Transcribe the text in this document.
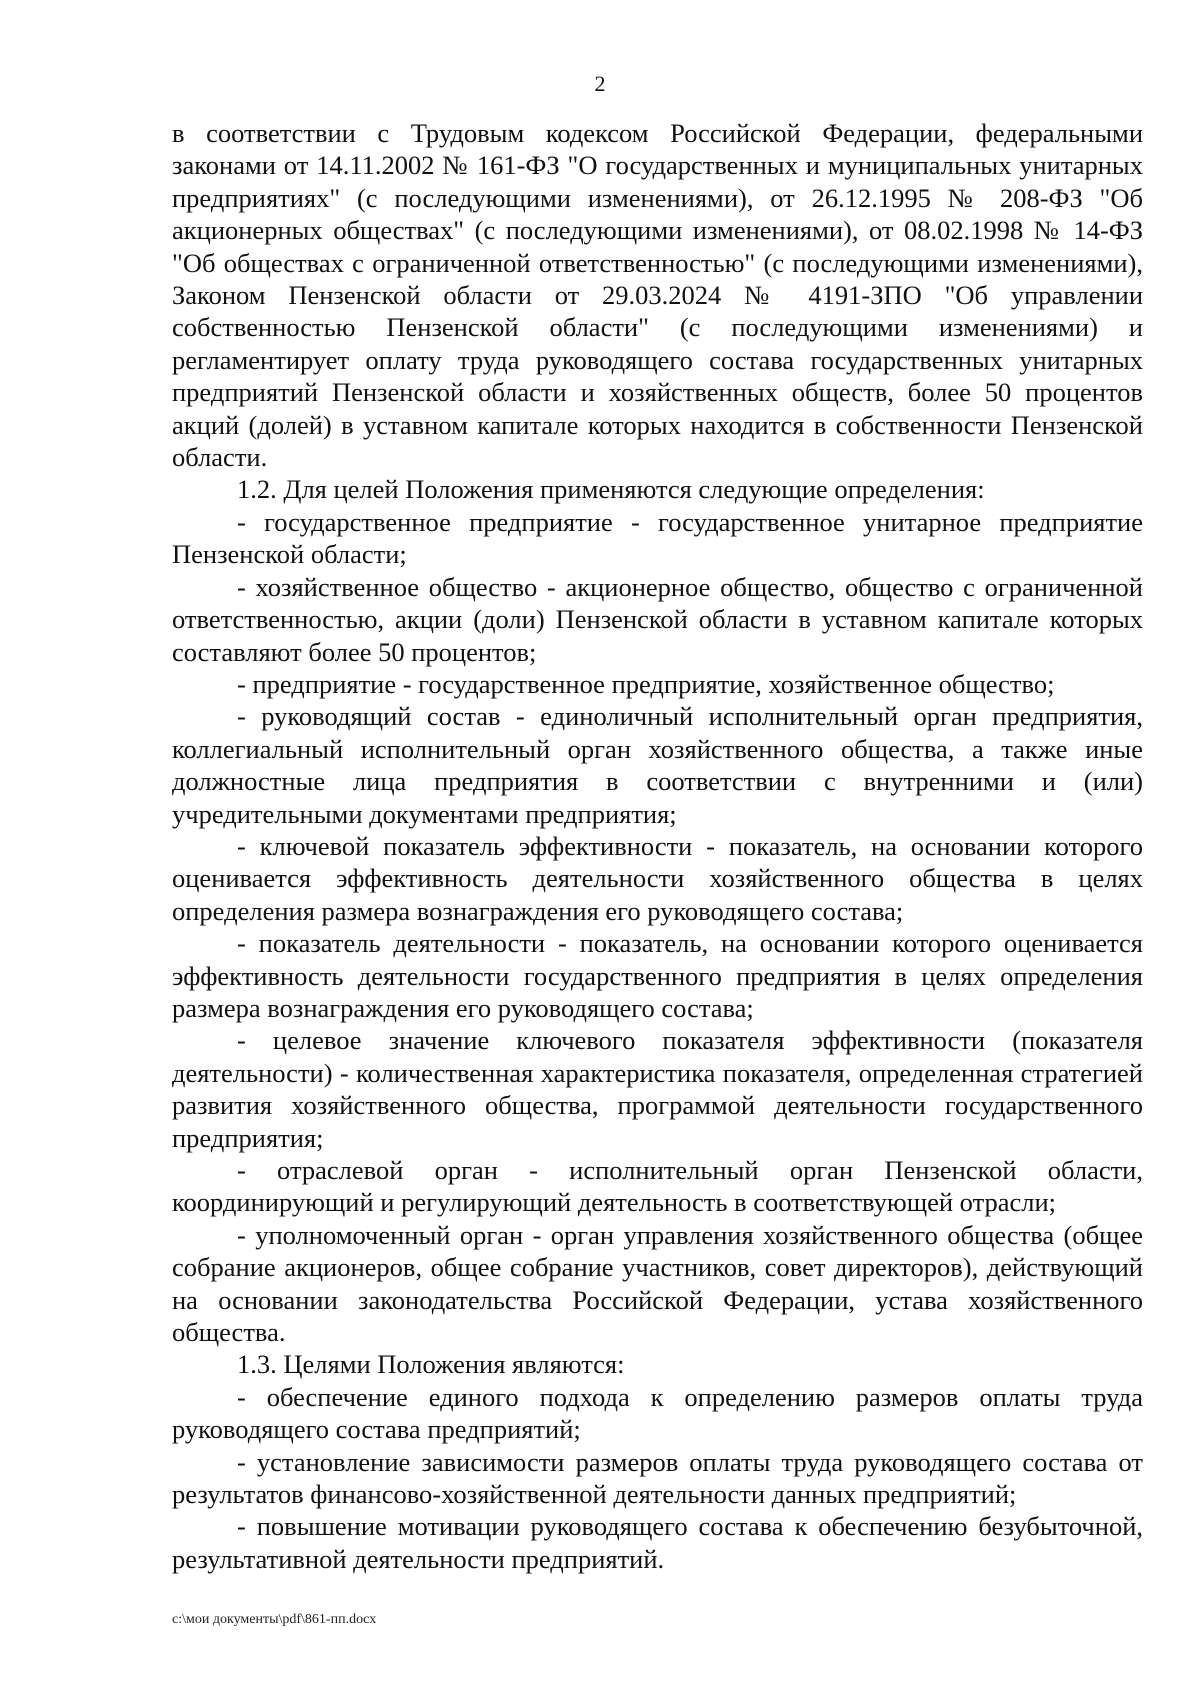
2

в соответствии с Трудовым кодексом Российской Федерации, федеральными законами от 14.11.2002 № 161-ФЗ "О государственных и муниципальных унитарных предприятиях" (с последующими изменениями), от 26.12.1995 № 208-ФЗ "Об акционерных обществах" (с последующими изменениями), от 08.02.1998 № 14-ФЗ "Об обществах с ограниченной ответственностью" (с последующими изменениями), Законом Пензенской области от 29.03.2024 № 4191-ЗПО "Об управлении собственностью Пензенской области" (с последующими изменениями) и регламентирует оплату труда руководящего состава государственных унитарных предприятий Пензенской области и хозяйственных обществ, более 50 процентов акций (долей) в уставном капитале которых находится в собственности Пензенской области.

1.2. Для целей Положения применяются следующие определения:

- государственное предприятие - государственное унитарное предприятие Пензенской области;

- хозяйственное общество - акционерное общество, общество с ограниченной ответственностью, акции (доли) Пензенской области в уставном капитале которых составляют более 50 процентов;

- предприятие - государственное предприятие, хозяйственное общество;

- руководящий состав - единоличный исполнительный орган предприятия, коллегиальный исполнительный орган хозяйственного общества, а также иные должностные лица предприятия в соответствии с внутренними и (или) учредительными документами предприятия;

- ключевой показатель эффективности - показатель, на основании которого оценивается эффективность деятельности хозяйственного общества в целях определения размера вознаграждения его руководящего состава;

- показатель деятельности - показатель, на основании которого оценивается эффективность деятельности государственного предприятия в целях определения размера вознаграждения его руководящего состава;

- целевое значение ключевого показателя эффективности (показателя деятельности) - количественная характеристика показателя, определенная стратегией развития хозяйственного общества, программой деятельности государственного предприятия;

- отраслевой орган - исполнительный орган Пензенской области, координирующий и регулирующий деятельность в соответствующей отрасли;

- уполномоченный орган - орган управления хозяйственного общества (общее собрание акционеров, общее собрание участников, совет директоров), действующий на основании законодательства Российской Федерации, устава хозяйственного общества.

1.3. Целями Положения являются:

- обеспечение единого подхода к определению размеров оплаты труда руководящего состава предприятий;

- установление зависимости размеров оплаты труда руководящего состава от результатов финансово-хозяйственной деятельности данных предприятий;

- повышение мотивации руководящего состава к обеспечению безубыточной, результативной деятельности предприятий.

c:\мои документы\pdf\861-пп.docx
